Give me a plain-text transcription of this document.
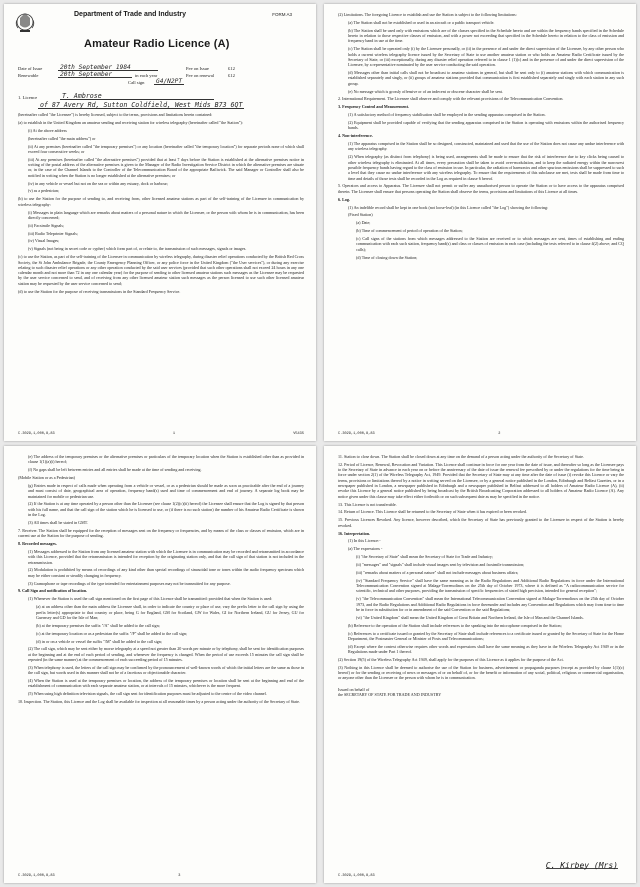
Department of Trade and Industry	FORM A3
Amateur Radio Licence (A)
Date of Issue	20th September 1984	Fee on Issue	£12
Renewable	20th September	in each year	Fee on renewal	£12
Call sign	G4/N2PT
1. Licence	T. Ambrose
of 87 Avery Rd, Sutton Coldfield, West Mids B73 6QT

(hereinafter called "the Licensee") is hereby licensed, subject to the terms, provisions and limitations herein contained:

(a) to establish in the United Kingdom an amateur sending and receiving station for wireless telegraphy (hereinafter called "the Station"):

(i) At the above address

(hereinafter called "the main address") or

(ii) At any premises (hereinafter called "the temporary premises") or any location (hereinafter called "the temporary location") for separate periods none of which shall exceed four consecutive weeks; or

(iii) At any premises (hereinafter called "the alternative premises") provided that at least 7 days before the Station is established at the alternative premises notice in writing of the postal address of the alternative premises is given to the Manager of the Radio Investigation Service District in which the alternative premises are situate or, in the case of the Channel Islands to the Controller of the Telecommunication Board of the appropriate Bailiwick. The said Manager or Controller shall also be notified in writing when the Station is no longer established at the alternative premises; or

(iv) in any vehicle or vessel but not on the sea or within any estuary, dock or harbour;

(v) as a pedestrian;

(b) to use the Station for the purpose of sending to, and receiving from, other licensed amateur stations as part of the self-training of the Licensee in communication by wireless telegraphy:

(i) Messages in plain language which are remarks about matters of a personal nature in which the Licensee, or the person with whom he is in communication, has been directly concerned;

(ii) Facsimile Signals;

(iii) Radio Teleprinter Signals;

(iv) Visual Images;

(v) Signals (not being in secret code or cypher) which form part of, or relate to, the transmission of such messages, signals or images.

(c) to use the Station, as part of the self-training of the Licensee in communication by wireless telegraphy, during disaster relief operations conducted by the British Red Cross Society, the St John Ambulance Brigade, the County Emergency Planning Officer, or any police force in the United Kingdom ("the User services"), or during any exercise relating to such disaster relief operations or any other operation conducted by the said user services (provided that such other operations shall not exceed 24 hours in any one calendar month and not more than 72 in any one calendar year) for the purpose of sending to other licensed amateur stations such messages as the Licensee may be requested by the user service concerned to send, and of receiving from any other licensed amateur station such messages as the person licensed to use such other licensed amateur station may be requested by the user service concerned to send;

(d) to use the Station for the purpose of receiving transmissions in the Standard Frequency Service.

C.3029,1,000,8,83	1	V5435

(2) Limitations. The foregoing Licence to establish and use the Station is subject to the following limitations:

(a) The Station shall not be established or used in an aircraft or a public transport vehicle.

(b) The Station shall be used only with emissions which are of the classes specified in the Schedule hereto and are within the frequency bands specified in the Schedule hereto in relation to those respective classes of emission, and with a power not exceeding that specified in the Schedule hereto in relation to the class of emission and frequency band in use at the time.

(c) The Station shall be operated only (i) by the Licensee personally, or (ii) in the presence of and under the direct supervision of the Licensee, by any other person who holds a current wireless telegraphy licence issued by the Secretary of State to use another amateur station or who holds an Amateur Radio Certificate issued by the Secretary of State, or (iii) exceptionally, during any disaster relief operation referred to in clause 1 (1)(c) and in the presence of and under the direct supervision of the Licensee, by a representative nominated by the user service conducting the said operation.

(d) Messages other than initial calls shall not be broadcast to amateur stations in general, but shall be sent only to (i) amateur stations with which communication is established separately and singly, or (ii) groups of amateur stations provided that communication is first established separately and singly with each station in any such group.

(e) No message which is grossly offensive or of an indecent or obscene character shall be sent.

2. International Requirement. The Licensee shall observe and comply with the relevant provisions of the Telecommunication Convention.

3. Frequency Control and Measurement.

(1) A satisfactory method of frequency stabilisation shall be employed in the sending apparatus comprised in the Station.

(2) Equipment shall be provided capable of verifying that the sending apparatus comprised in the Station is operating with emissions within the authorised frequency bands.

4. Non-interference.

(1) The apparatus comprised in the Station shall be so designed, constructed, maintained and used that the use of the Station does not cause any undue interference with any wireless telegraphy.

(2) When telegraphy (as distinct from telephony) is being used, arrangements shall be made to ensure that the risk of interference due to key clicks being caused to other wireless telegraphy is eliminated. At all times, every precaution shall be taken to avoid over-modulation, and to keep the radiated energy within the narrowest possible frequency bands having regard to the class of emission in use. In particular, the radiation of harmonics and other spurious emissions shall be suppressed to such a level that they cause no undue interference with any wireless telegraphy. To ensure that the requirements of this subclause are met, tests shall be made from time to time and details of those tests shall be recorded in the Log as required in clause 6 hereof.

5. Operators and access to Apparatus. The Licensee shall not permit or suffer any unauthorised person to operate the Station or to have access to the apparatus comprised therein. The Licensee shall ensure that persons operating the Station shall observe the terms, provisions and limitations of this Licence at all times.

6. Log.

(1) An indelible record shall be kept in one book (not loose-leaf) (in this Licence called "the Log") showing the following:

(Fixed Station)

(a) Date;

(b) Time of commencement of period of operation of the Station;

(c) Call signs of the stations from which messages addressed to the Station are received or to which messages are sent, times of establishing and ending communication with each such station, frequency band(s) and class or classes of emission in each case (including the tests referred to in clause 4(2) above; and CQ calls);

(d) Time of closing down the Station;

C.3029,1,000,8,83	2

(e) The address of the temporary premises or the alternative premises or particulars of the temporary location when the Station is established other than as provided in clause 1(1)(a)(i) hereof;

(f) No gaps shall be left between entries and all entries shall be made at the time of sending and receiving.

(Mobile Station or as a Pedestrian)

(g) Entries made in respect of calls made when operating from a vehicle or vessel, or as a pedestrian should be made as soon as practicable after the end of a journey and must consist of date, geographical area of operation, frequency band(s) used and time of commencement and end of journey. A separate log book may be maintained for mobile or pedestrian use.

(2) If the Station is at any time operated by a person other than the Licensee (see clause 1(2)(c)(ii) hereof) the Licensee shall ensure that the Log is signed by that person with his full name, and that the call sign of the station which he is licensed to use, or (if there is no such station) the number of his Amateur Radio Certificate is shown in the Log.

(3) All times shall be stated in GMT.

7. Receiver. The Station shall be equipped for the reception of messages sent on the frequency or frequencies, and by means of the class or classes of emission, which are in current use at the Station for the purpose of sending.

8. Recorded messages.

(1) Messages addressed to the Station from any licensed amateur station with which the Licensee is in communication may be recorded and retransmitted in accordance with this Licence, provided that the retransmission is intended for reception by the originating station only, and that the call sign of that station is not included in the retransmission.

(2) Modulation is prohibited by means of recordings of any kind other than special recordings of sinusoidal tone or tones within the audio frequency spectrum which may be either constant or steadily changing in frequency.

(3) Gramophone or tape recordings of the type intended for entertainment purposes may not be transmitted for any purpose.

9. Call Sign and notification of location.

(1) Whenever the Station is used the call sign mentioned on the first page of this Licence shall be transmitted: provided that when the Station is used:

(a) at an address other than the main address the Licensee shall, in order to indicate the country or place of use, vary the prefix letter to the call sign by using the prefix letter(s) appropriate to that country or place, being G for England, GM for Scotland, GW for Wales, GI for Northern Ireland, GU for Jersey, GU for Guernsey and GD for the Isle of Man;

(b) at the temporary premises the suffix "/A" shall be added to the call sign;

(c) at the temporary location or as a pedestrian the suffix "/P" shall be added to the call sign;

(d) in or on a vehicle or vessel the suffix "/M" shall be added to the call sign;

(2) The call sign, which may be sent either by morse telegraphy at a speed not greater than 20 words per minute or by telephony, shall be sent for identification purposes at the beginning and at the end of each period of sending, and whenever the frequency is changed. When the period of use exceeds 15 minutes the call sign shall be repeated (in the same manner) at the commencement of each succeeding period of 15 minutes.

(3) When telephony is used, the letters of the call sign may be confirmed by the pronouncement of well-known words of which the initial letters are the same as those in the call sign, but words used in this manner shall not be of a facetious or objectionable character.

(4) When the Station is used at the temporary premises or location, the address of the temporary premises or location shall be sent at the beginning and end of the establishment of communication with each separate amateur station, or at intervals of 15 minutes, whichever is the more frequent.

(5) When using high definition television signals, the call sign sent for identification purposes must be adjusted to the centre of the video channel.

10. Inspection. The Station, this Licence and the Log shall be available for inspection at all reasonable times by a person acting under the authority of the Secretary of State.

C.3029,1,000,8,83	3

11. Station to close down. The Station shall be closed down at any time on the demand of a person acting under the authority of the Secretary of State.

12. Period of Licence, Renewal, Revocation and Variation. This Licence shall continue in force for one year from the date of issue, and thereafter so long as the Licensee pays to the Secretary of State in advance in each year on or before the anniversary of the date of issue the renewal fee prescribed by or under the regulations for the time being in force under section 2(1) of the Wireless Telegraphy Act, 1949. Provided that the Secretary of State may at any time after the date of issue (i) revoke this Licence or vary the terms, provisions or limitations thereof by a notice in writing served on the Licensee, or by a general notice published in the London, Edinburgh and Belfast Gazettes, or in a newspaper published in London, a newspaper published in Edinburgh and a newspaper published in Belfast addressed to all holders of Amateur Radio Licence (A), (ii) revoke this Licence by a general notice published by being broadcast by the British Broadcasting Corporation addressed to all holders of Amateur Radio Licence (A). Any notice given under this clause may take effect either forthwith or on such subsequent date as may be specified in the notice.

13. This Licence is not transferable.

14. Return of Licence. This Licence shall be returned to the Secretary of State when it has expired or been revoked.

15. Previous Licences Revoked. Any licence, however described, which the Secretary of State has previously granted to the Licensee in respect of the Station is hereby revoked.

16. Interpretation.

(1) In this Licence:-

(a) The expressions -

(i) "the Secretary of State" shall mean the Secretary of State for Trade and Industry;

(ii) "messages" and "signals" shall include visual images sent by television and facsimile transmission;

(iii) "remarks about matters of a personal nature" shall not include messages about business affairs;

(iv) "Standard Frequency Service" shall have the same meaning as in the Radio Regulations and Additional Radio Regulations in force under the International Telecommunication Convention signed at Malaga-Torremolinos on the 25th day of October 1973, where it is defined as "A radiocommunication service for scientific, technical and other purposes, providing the transmission of specific frequencies of stated high precision, intended for general reception";

(v) "the Telecommunication Convention" shall mean the International Telecommunication Convention signed at Malaga-Torremolinos on the 25th day of October 1973, and the Radio Regulations and Additional Radio Regulations in force thereunder and includes any Convention and Regulations which may from time to time be in force in substitution for or in amendment of the said Convention or the said Regulations;

(vi) "the United Kingdom" shall mean the United Kingdom of Great Britain and Northern Ireland, the Isle of Man and the Channel Islands.

(b) Reference to the operation of the Station shall include references to the speaking into the microphone comprised in the Station;

(c) References to a certificate issued or granted by the Secretary of State shall include references to a certificate issued or granted by the Secretary of State for the Home Department, the Postmaster General or Minister of Posts and Telecommunications;

(d) Except where the context otherwise requires other words and expressions shall have the same meaning as they have in the Wireless Telegraphy Act 1949 or in the Regulations made under Part 1 thereof.

(2) Section 19(5) of the Wireless Telegraphy Act 1949, shall apply for the purposes of this Licence as it applies for the purpose of the Act.

(3) Nothing in this Licence shall be deemed to authorise the use of the Station for business, advertisement or propaganda purposes (except as provided by clause 1(1)(c) hereof) or for the sending or receiving of news or messages of or on behalf of, or for the benefit or information of any social, political, religious or commercial organisation, or anyone other than the Licensee or the person with whom he is in communication.

Issued on behalf of

the SECRETARY OF STATE FOR TRADE AND INDUSTRY

C. Kirbey (Mrs)
C.3029,1,000,8,83
